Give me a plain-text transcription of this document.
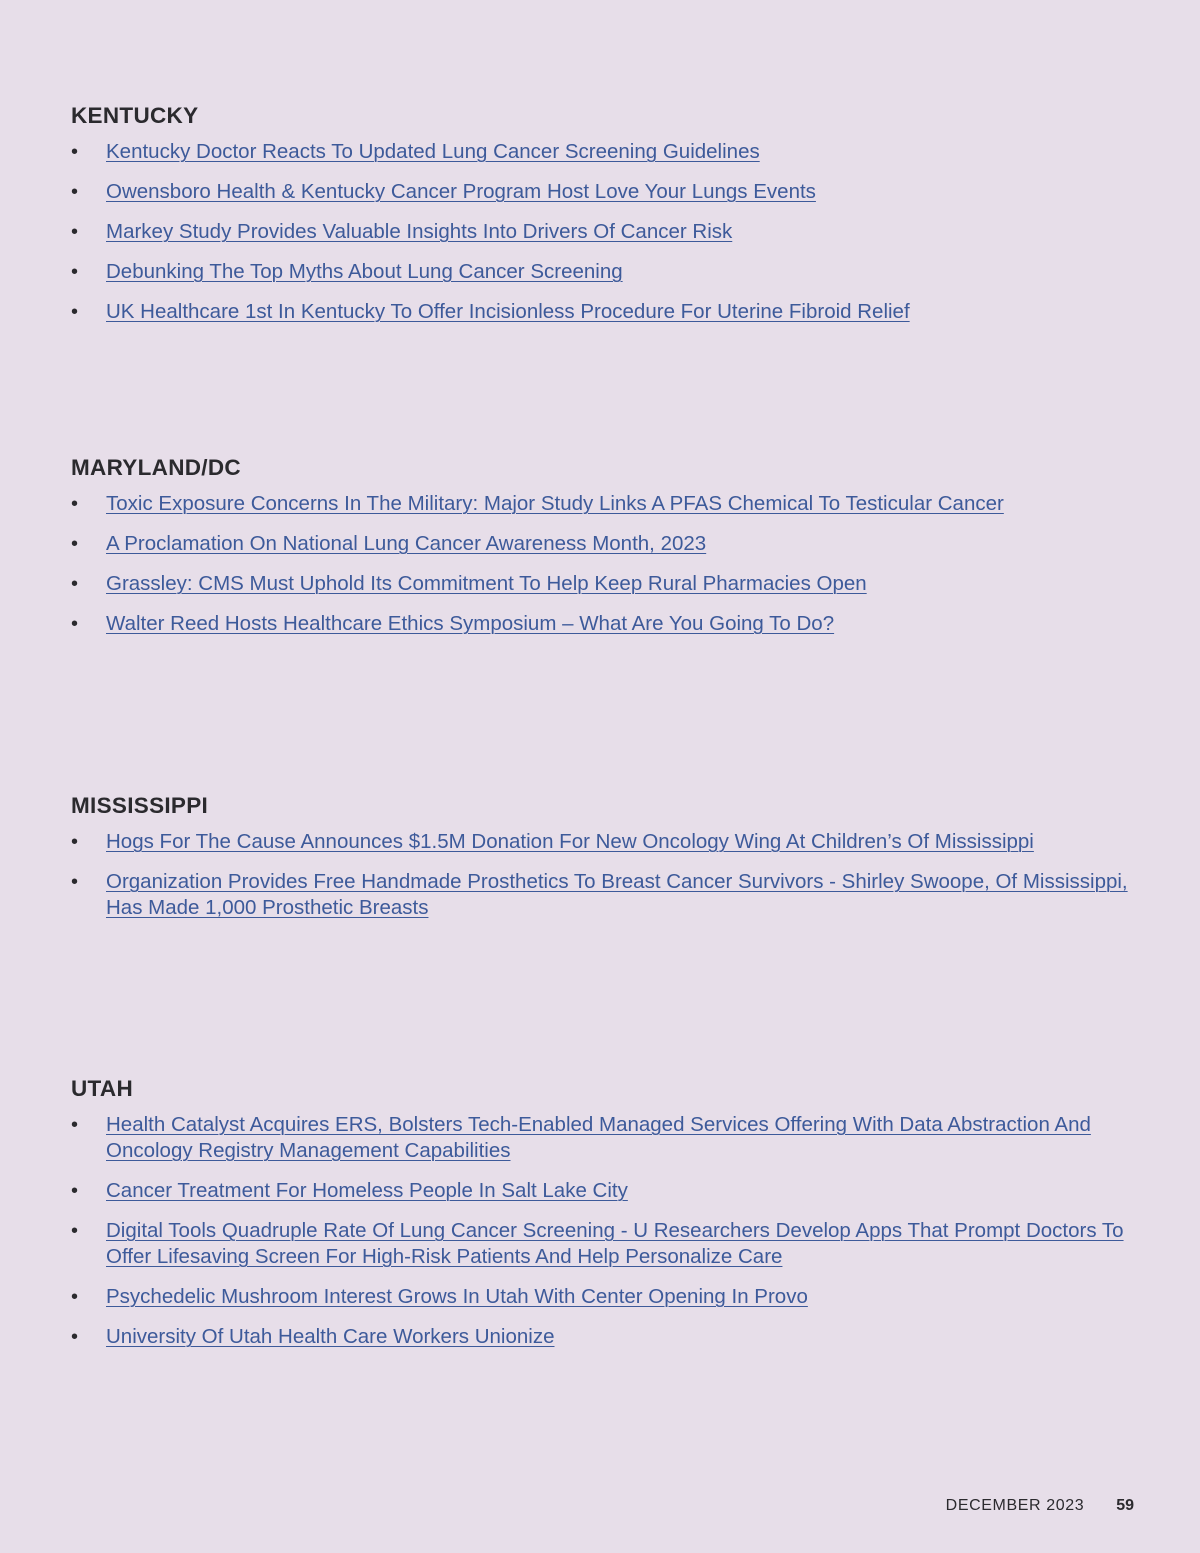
KENTUCKY
• Kentucky Doctor Reacts To Updated Lung Cancer Screening Guidelines
• Owensboro Health & Kentucky Cancer Program Host Love Your Lungs Events
• Markey Study Provides Valuable Insights Into Drivers Of Cancer Risk
• Debunking The Top Myths About Lung Cancer Screening
• UK Healthcare 1st In Kentucky To Offer Incisionless Procedure For Uterine Fibroid Relief
MARYLAND/DC
• Toxic Exposure Concerns In The Military: Major Study Links A PFAS Chemical To Testicular Cancer
• A Proclamation On National Lung Cancer Awareness Month, 2023
• Grassley: CMS Must Uphold Its Commitment To Help Keep Rural Pharmacies Open
• Walter Reed Hosts Healthcare Ethics Symposium – What Are You Going To Do?
MISSISSIPPI
• Hogs For The Cause Announces $1.5M Donation For New Oncology Wing At Children’s Of Mississippi
• Organization Provides Free Handmade Prosthetics To Breast Cancer Survivors - Shirley Swoope, Of Mississippi, Has Made 1,000 Prosthetic Breasts
UTAH
• Health Catalyst Acquires ERS, Bolsters Tech-Enabled Managed Services Offering With Data Abstraction And Oncology Registry Management Capabilities
• Cancer Treatment For Homeless People In Salt Lake City
• Digital Tools Quadruple Rate Of Lung Cancer Screening - U Researchers Develop Apps That Prompt Doctors To Offer Lifesaving Screen For High-Risk Patients And Help Personalize Care
• Psychedelic Mushroom Interest Grows In Utah With Center Opening In Provo
• University Of Utah Health Care Workers Unionize
DECEMBER 2023 59
